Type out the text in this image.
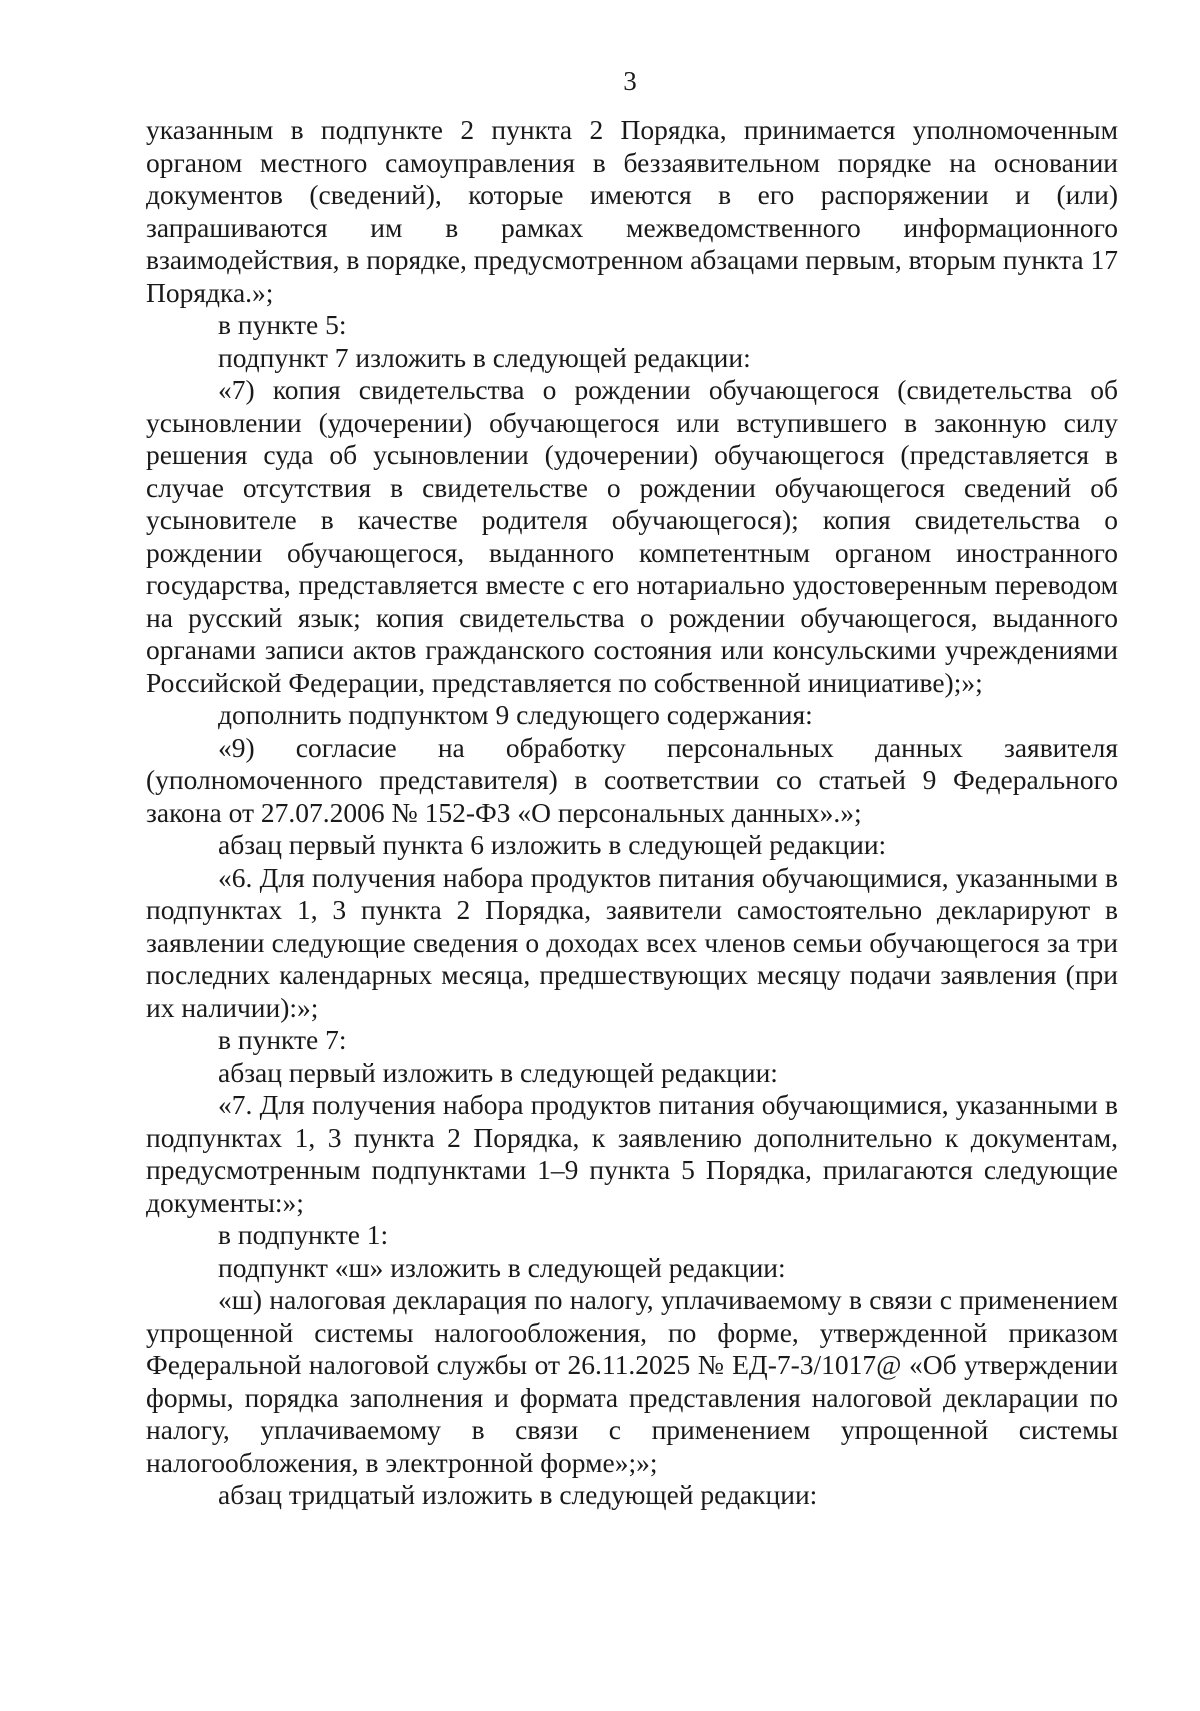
3

указанным в подпункте 2 пункта 2 Порядка, принимается уполномоченным органом местного самоуправления в беззаявительном порядке на основании документов (сведений), которые имеются в его распоряжении и (или) запрашиваются им в рамках межведомственного информационного взаимодействия, в порядке, предусмотренном абзацами первым, вторым пункта 17 Порядка.»;

в пункте 5:

подпункт 7 изложить в следующей редакции:

«7) копия свидетельства о рождении обучающегося (свидетельства об усыновлении (удочерении) обучающегося или вступившего в законную силу решения суда об усыновлении (удочерении) обучающегося (представляется в случае отсутствия в свидетельстве о рождении обучающегося сведений об усыновителе в качестве родителя обучающегося); копия свидетельства о рождении обучающегося, выданного компетентным органом иностранного государства, представляется вместе с его нотариально удостоверенным переводом на русский язык; копия свидетельства о рождении обучающегося, выданного органами записи актов гражданского состояния или консульскими учреждениями Российской Федерации, представляется по собственной инициативе);»;

дополнить подпунктом 9 следующего содержания:

«9) согласие на обработку персональных данных заявителя (уполномоченного представителя) в соответствии со статьей 9 Федерального закона от 27.07.2006 № 152-ФЗ «О персональных данных».»;

абзац первый пункта 6 изложить в следующей редакции:

«6. Для получения набора продуктов питания обучающимися, указанными в подпунктах 1, 3 пункта 2 Порядка, заявители самостоятельно декларируют в заявлении следующие сведения о доходах всех членов семьи обучающегося за три последних календарных месяца, предшествующих месяцу подачи заявления (при их наличии):»;

в пункте 7:

абзац первый изложить в следующей редакции:

«7. Для получения набора продуктов питания обучающимися, указанными в подпунктах 1, 3 пункта 2 Порядка, к заявлению дополнительно к документам, предусмотренным подпунктами 1–9 пункта 5 Порядка, прилагаются следующие документы:»;

в подпункте 1:

подпункт «ш» изложить в следующей редакции:

«ш) налоговая декларация по налогу, уплачиваемому в связи с применением упрощенной системы налогообложения, по форме, утвержденной приказом Федеральной налоговой службы от 26.11.2025 № ЕД-7-3/1017@ «Об утверждении формы, порядка заполнения и формата представления налоговой декларации по налогу, уплачиваемому в связи с применением упрощенной системы налогообложения, в электронной форме»;»;

абзац тридцатый изложить в следующей редакции:
